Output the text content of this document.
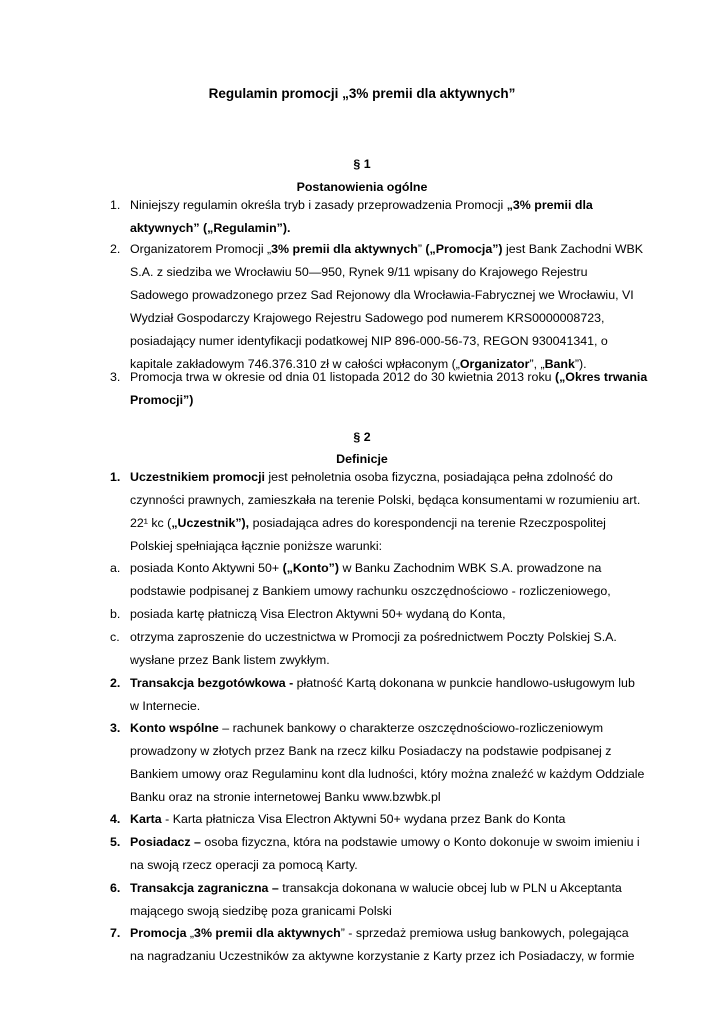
Regulamin promocji „3% premii dla aktywnych”
§ 1
Postanowienia ogólne
1. Niniejszy regulamin określa tryb i zasady przeprowadzenia Promocji „3% premii dla
aktywnych” („Regulamin”).
2. Organizatorem Promocji „3% premii dla aktywnych” („Promocja”) jest Bank Zachodni WBK
S.A. z siedziba we Wrocławiu 50—950, Rynek 9/11 wpisany do Krajowego Rejestru
Sadowego prowadzonego przez Sad Rejonowy dla Wrocławia-Fabrycznej we Wrocławiu, VI
Wydział Gospodarczy Krajowego Rejestru Sadowego pod numerem KRS0000008723,
posiadający numer identyfikacji podatkowej NIP 896-000-56-73, REGON 930041341, o
kapitale zakładowym 746.376.310 zł w całości wpłaconym („Organizator”, „Bank”).
3. Promocja trwa w okresie od dnia 01 listopada 2012 do 30 kwietnia 2013 roku („Okres trwania
Promocji”)
§ 2
Definicje
1. Uczestnikiem promocji jest pełnoletnia osoba fizyczna, posiadająca pełna zdolność do
czynności prawnych, zamieszkała na terenie Polski, będąca konsumentami w rozumieniu art.
22¹ kc („Uczestnik”), posiadająca adres do korespondencji na terenie Rzeczpospolitej
Polskiej spełniająca łącznie poniższe warunki:
a. posiada Konto Aktywni 50+ („Konto”) w Banku Zachodnim WBK S.A. prowadzone na
podstawie podpisanej z Bankiem umowy rachunku oszczędnościowo - rozliczeniowego,
b. posiada kartę płatniczą Visa Electron Aktywni 50+ wydaną do Konta,
c. otrzyma zaproszenie do uczestnictwa w Promocji za pośrednictwem Poczty Polskiej S.A.
wysłane przez Bank listem zwykłym.
2. Transakcja bezgotówkowa - płatność Kartą dokonana w punkcie handlowo-usługowym lub
w Internecie.
3. Konto wspólne – rachunek bankowy o charakterze oszczędnościowo-rozliczeniowym
prowadzony w złotych przez Bank na rzecz kilku Posiadaczy na podstawie podpisanej z
Bankiem umowy oraz Regulaminu kont dla ludności, który można znaleźć w każdym Oddziale
Banku oraz na stronie internetowej Banku www.bzwbk.pl
4. Karta - Karta płatnicza Visa Electron Aktywni 50+ wydana przez Bank do Konta
5. Posiadacz – osoba fizyczna, która na podstawie umowy o Konto dokonuje w swoim imieniu i
na swoją rzecz operacji za pomocą Karty.
6. Transakcja zagraniczna – transakcja dokonana w walucie obcej lub w PLN u Akceptanta
mającego swoją siedzibę poza granicami Polski
7. Promocja „3% premii dla aktywnych” - sprzedaż premiowa usług bankowych, polegająca
na nagradzaniu Uczestników za aktywne korzystanie z Karty przez ich Posiadaczy, w formie
